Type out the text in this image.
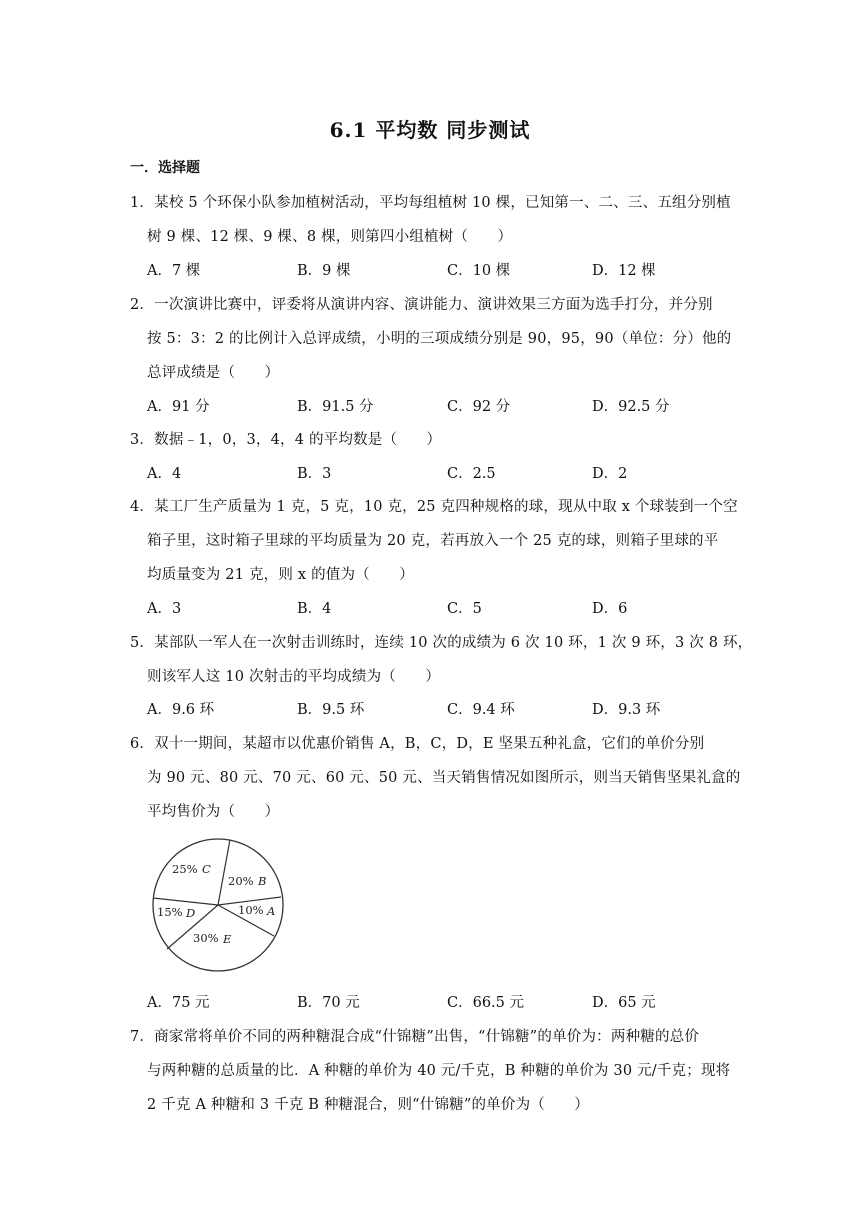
6.1 平均数 同步测试
一．选择题
1．某校 5 个环保小队参加植树活动，平均每组植树 10 棵，已知第一、二、三、五组分别植
树 9 棵、12 棵、9 棵、8 棵，则第四小组植树（　　）
A．7 棵	B．9 棵	C．10 棵	D．12 棵
2．一次演讲比赛中，评委将从演讲内容、演讲能力、演讲效果三方面为选手打分，并分别
按 5：3：2 的比例计入总评成绩，小明的三项成绩分别是 90，95，90（单位：分）他的
总评成绩是（　　）
A．91 分	B．91.5 分	C．92 分	D．92.5 分
3．数据﹣1，0，3，4，4 的平均数是（　　）
A．4	B．3	C．2.5	D．2
4．某工厂生产质量为 1 克，5 克，10 克，25 克四种规格的球，现从中取 x 个球装到一个空
箱子里，这时箱子里球的平均质量为 20 克，若再放入一个 25 克的球，则箱子里球的平
均质量变为 21 克，则 x 的值为（　　）
A．3	B．4	C．5	D．6
5．某部队一军人在一次射击训练时，连续 10 次的成绩为 6 次 10 环，1 次 9 环，3 次 8 环，
则该军人这 10 次射击的平均成绩为（　　）
A．9.6 环	B．9.5 环	C．9.4 环	D．9.3 环
6．双十一期间，某超市以优惠价销售 A，B，C，D，E 坚果五种礼盒，它们的单价分别
为 90 元、80 元、70 元、60 元、50 元、当天销售情况如图所示，则当天销售坚果礼盒的
平均售价为（　　）
25% C
20% B
10% A
15% D
30% E
A．75 元	B．70 元	C．66.5 元	D．65 元
7．商家常将单价不同的两种糖混合成“什锦糖”出售，“什锦糖”的单价为：两种糖的总价
与两种糖的总质量的比．A 种糖的单价为 40 元/千克，B 种糖的单价为 30 元/千克；现将
2 千克 A 种糖和 3 千克 B 种糖混合，则“什锦糖”的单价为（　　）
